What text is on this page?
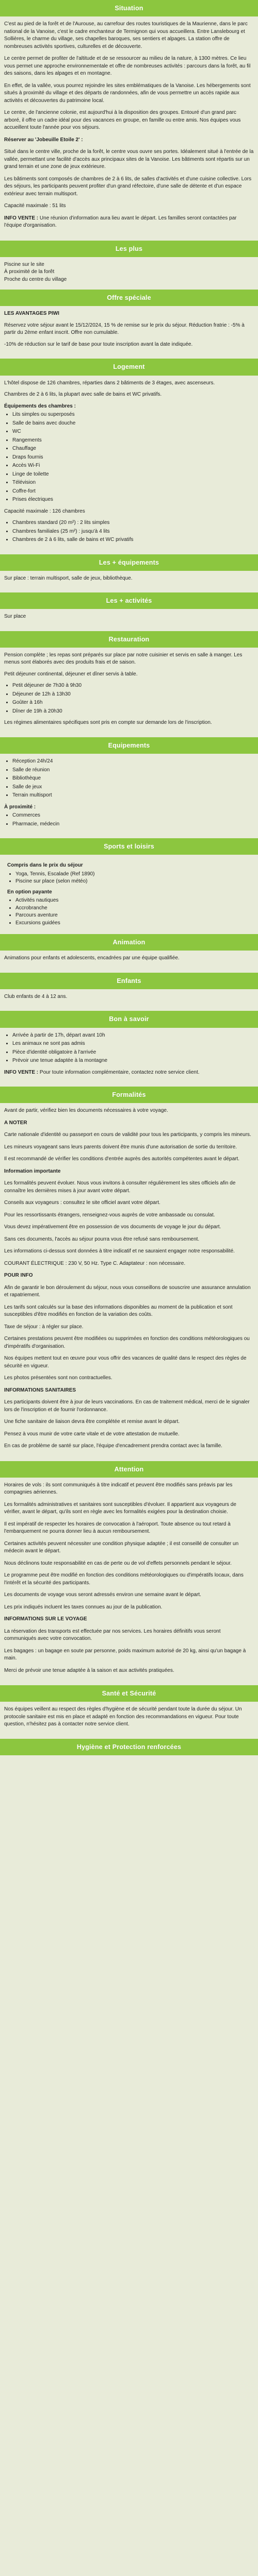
Situation

C'est au pied de la forêt et de l'Aurouse, au carrefour des routes touristiques de la Maurienne, dans le parc national de la Vanoise, c'est le cadre enchanteur de Termignon qui vous accueillera. Entre Lanslebourg et Sollières, le charme du village, ses chapelles baroques, ses sentiers et alpages. La station offre de nombreuses activités sportives, culturelles et de découverte.

Le centre permet de profiter de l'altitude et de se ressourcer au milieu de la nature, à 1300 mètres. Ce lieu vous permet une approche environnementale et offre de nombreuses activités : parcours dans la forêt, au fil des saisons, dans les alpages et en montagne.

En effet, de la vallée, vous pourrez rejoindre les sites emblématiques de la Vanoise. Les hébergements sont situés à proximité du village et des départs de randonnées, afin de vous permettre un accès rapide aux activités et découvertes du patrimoine local.

Le centre, de l'ancienne colonie, est aujourd'hui à la disposition des groupes. Entouré d'un grand parc arboré, il offre un cadre idéal pour des vacances en groupe, en famille ou entre amis. Nos équipes vous accueillent toute l'année pour vos séjours.

Réserver au 'Jobeuille Etoile 2' :

Situé dans le centre ville, proche de la forêt, le centre vous ouvre ses portes. Idéalement situé à l'entrée de la vallée, permettant une facilité d'accès aux principaux sites de la Vanoise. Les bâtiments sont répartis sur un grand terrain et une zone de jeux extérieure.

Les bâtiments sont composés de chambres de 2 à 6 lits, de salles d'activités et d'une cuisine collective. Lors des séjours, les participants peuvent profiter d'un grand réfectoire, d'une salle de détente et d'un espace extérieur avec terrain multisport.

Capacité maximale : 51 lits

INFO VENTE : Une réunion d'information aura lieu avant le départ. Les familles seront contactées par l'équipe d'organisation.

Les plus

Piscine sur le site

À proximité de la forêt

Proche du centre du village

Offre spéciale

LES AVANTAGES PIWI

Réservez votre séjour avant le 15/12/2024, 15 % de remise sur le prix du séjour. Réduction fratrie : -5% à partir du 2ème enfant inscrit. Offre non cumulable.

-10% de réduction sur le tarif de base pour toute inscription avant la date indiquée.

Logement

L'hôtel dispose de 126 chambres, réparties dans 2 bâtiments de 3 étages, avec ascenseurs.

Chambres de 2 à 6 lits, la plupart avec salle de bains et WC privatifs.

Équipements des chambres :

• Lits simples ou superposés
• Salle de bains avec douche
• WC
• Rangements
• Chauffage
• Draps fournis
• Accès Wi-Fi
• Linge de toilette
• Télévision
• Coffre-fort
• Prises électriques

Capacité maximale : 126 chambres

• Chambres standard (20 m²) : 2 lits simples
• Chambres familiales (25 m²) : jusqu'à 4 lits
• Chambres de 2 à 6 lits, salle de bains et WC privatifs
Les + équipements

Sur place : terrain multisport, salle de jeux, bibliothèque.

Les + activités

Sur place

Restauration

Pension complète ; les repas sont préparés sur place par notre cuisinier et servis en salle à manger. Les menus sont élaborés avec des produits frais et de saison.

Petit déjeuner continental, déjeuner et dîner servis à table.

• Petit déjeuner de 7h30 à 9h30
• Déjeuner de 12h à 13h30
• Goûter à 16h
• Dîner de 19h à 20h30

Les régimes alimentaires spécifiques sont pris en compte sur demande lors de l'inscription.

Equipements
• Réception 24h/24
• Salle de réunion
• Bibliothèque
• Salle de jeux
• Terrain multisport

À proximité :

• Commerces
• Pharmacie, médecin
Sports et loisirs
Compris dans le prix du séjour
• Yoga, Tennis, Escalade (Ref 1890)
• Piscine sur place (selon météo)
En option payante
• Activités nautiques
• Accrobranche
• Parcours aventure
• Excursions guidées
Animation

Animations pour enfants et adolescents, encadrées par une équipe qualifiée.

Enfants

Club enfants de 4 à 12 ans.

Bon à savoir
• Arrivée à partir de 17h, départ avant 10h
• Les animaux ne sont pas admis
• Pièce d'identité obligatoire à l'arrivée
• Prévoir une tenue adaptée à la montagne

INFO VENTE : Pour toute information complémentaire, contactez notre service client.

Formalités

Avant de partir, vérifiez bien les documents nécessaires à votre voyage.

A NOTER

Carte nationale d'identité ou passeport en cours de validité pour tous les participants, y compris les mineurs.

Les mineurs voyageant sans leurs parents doivent être munis d'une autorisation de sortie du territoire.

Il est recommandé de vérifier les conditions d'entrée auprès des autorités compétentes avant le départ.

Information importante

Les formalités peuvent évoluer. Nous vous invitons à consulter régulièrement les sites officiels afin de connaître les dernières mises à jour avant votre départ.

Conseils aux voyageurs : consultez le site officiel avant votre départ.

Pour les ressortissants étrangers, renseignez-vous auprès de votre ambassade ou consulat.

Vous devez impérativement être en possession de vos documents de voyage le jour du départ.

Sans ces documents, l'accès au séjour pourra vous être refusé sans remboursement.

Les informations ci-dessus sont données à titre indicatif et ne sauraient engager notre responsabilité.

COURANT ÉLECTRIQUE : 230 V, 50 Hz. Type C. Adaptateur : non nécessaire.

POUR INFO

Afin de garantir le bon déroulement du séjour, nous vous conseillons de souscrire une assurance annulation et rapatriement.

Les tarifs sont calculés sur la base des informations disponibles au moment de la publication et sont susceptibles d'être modifiés en fonction de la variation des coûts.

Taxe de séjour : à régler sur place.

Certaines prestations peuvent être modifiées ou supprimées en fonction des conditions météorologiques ou d'impératifs d'organisation.

Nos équipes mettent tout en œuvre pour vous offrir des vacances de qualité dans le respect des règles de sécurité en vigueur.

Les photos présentées sont non contractuelles.

INFORMATIONS SANITAIRES

Les participants doivent être à jour de leurs vaccinations. En cas de traitement médical, merci de le signaler lors de l'inscription et de fournir l'ordonnance.

Une fiche sanitaire de liaison devra être complétée et remise avant le départ.

Pensez à vous munir de votre carte vitale et de votre attestation de mutuelle.

En cas de problème de santé sur place, l'équipe d'encadrement prendra contact avec la famille.

Attention

Horaires de vols : ils sont communiqués à titre indicatif et peuvent être modifiés sans préavis par les compagnies aériennes.

Les formalités administratives et sanitaires sont susceptibles d'évoluer. Il appartient aux voyageurs de vérifier, avant le départ, qu'ils sont en règle avec les formalités exigées pour la destination choisie.

Il est impératif de respecter les horaires de convocation à l'aéroport. Toute absence ou tout retard à l'embarquement ne pourra donner lieu à aucun remboursement.

Certaines activités peuvent nécessiter une condition physique adaptée ; il est conseillé de consulter un médecin avant le départ.

Nous déclinons toute responsabilité en cas de perte ou de vol d'effets personnels pendant le séjour.

Le programme peut être modifié en fonction des conditions météorologiques ou d'impératifs locaux, dans l'intérêt et la sécurité des participants.

Les documents de voyage vous seront adressés environ une semaine avant le départ.

Les prix indiqués incluent les taxes connues au jour de la publication.

INFORMATIONS SUR LE VOYAGE

La réservation des transports est effectuée par nos services. Les horaires définitifs vous seront communiqués avec votre convocation.

Les bagages : un bagage en soute par personne, poids maximum autorisé de 20 kg, ainsi qu'un bagage à main.

Merci de prévoir une tenue adaptée à la saison et aux activités pratiquées.

Santé et Sécurité

Nos équipes veillent au respect des règles d'hygiène et de sécurité pendant toute la durée du séjour. Un protocole sanitaire est mis en place et adapté en fonction des recommandations en vigueur. Pour toute question, n'hésitez pas à contacter notre service client.

Hygiène et Protection renforcées
